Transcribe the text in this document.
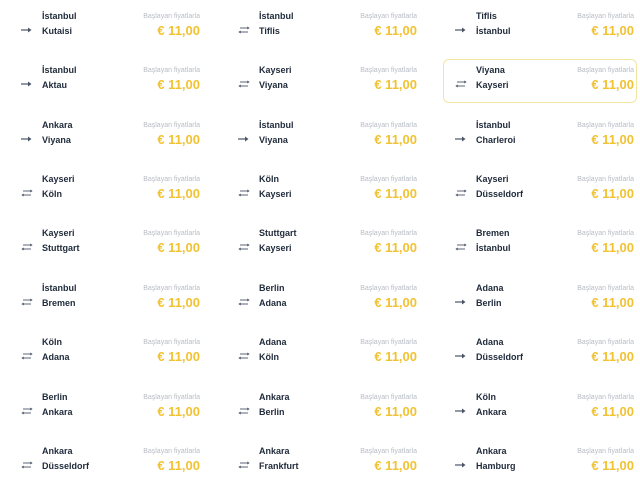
İstanbul
Kutaisi
Başlayan fiyatlarla
€ 11,00
İstanbul
Tiflis
Başlayan fiyatlarla
€ 11,00
Tiflis
İstanbul
Başlayan fiyatlarla
€ 11,00
İstanbul
Aktau
Başlayan fiyatlarla
€ 11,00
Kayseri
Viyana
Başlayan fiyatlarla
€ 11,00
Viyana
Kayseri
Başlayan fiyatlarla
€ 11,00
Ankara
Viyana
Başlayan fiyatlarla
€ 11,00
İstanbul
Viyana
Başlayan fiyatlarla
€ 11,00
İstanbul
Charleroi
Başlayan fiyatlarla
€ 11,00
Kayseri
Köln
Başlayan fiyatlarla
€ 11,00
Köln
Kayseri
Başlayan fiyatlarla
€ 11,00
Kayseri
Düsseldorf
Başlayan fiyatlarla
€ 11,00
Kayseri
Stuttgart
Başlayan fiyatlarla
€ 11,00
Stuttgart
Kayseri
Başlayan fiyatlarla
€ 11,00
Bremen
İstanbul
Başlayan fiyatlarla
€ 11,00
İstanbul
Bremen
Başlayan fiyatlarla
€ 11,00
Berlin
Adana
Başlayan fiyatlarla
€ 11,00
Adana
Berlin
Başlayan fiyatlarla
€ 11,00
Köln
Adana
Başlayan fiyatlarla
€ 11,00
Adana
Köln
Başlayan fiyatlarla
€ 11,00
Adana
Düsseldorf
Başlayan fiyatlarla
€ 11,00
Berlin
Ankara
Başlayan fiyatlarla
€ 11,00
Ankara
Berlin
Başlayan fiyatlarla
€ 11,00
Köln
Ankara
Başlayan fiyatlarla
€ 11,00
Ankara
Düsseldorf
Başlayan fiyatlarla
€ 11,00
Ankara
Frankfurt
Başlayan fiyatlarla
€ 11,00
Ankara
Hamburg
Başlayan fiyatlarla
€ 11,00
